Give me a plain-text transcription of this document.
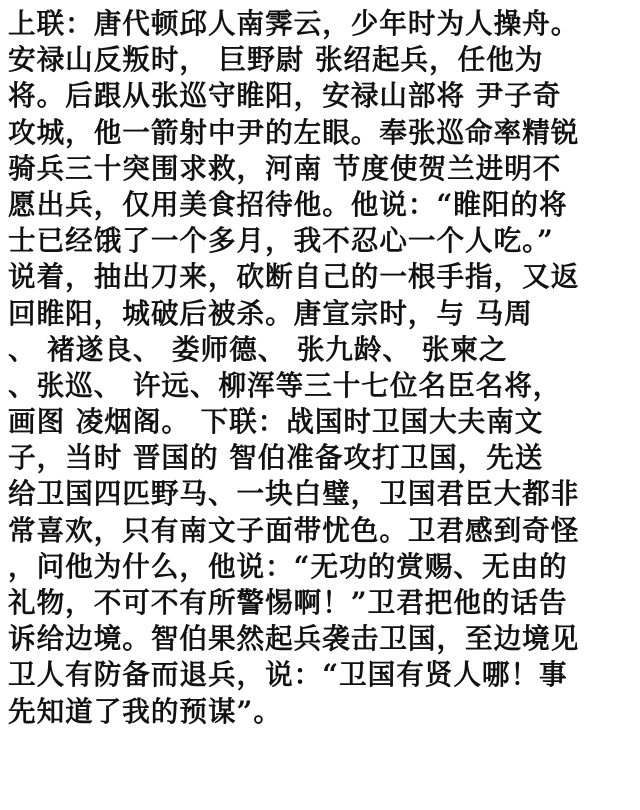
上联：唐代顿邱人南霁云，少年时为人操舟。
安禄山反叛时， 巨野尉 张绍起兵，任他为
将。后跟从张巡守睢阳，安禄山部将 尹子奇
攻城，他一箭射中尹的左眼。奉张巡命率精锐
骑兵三十突围求救，河南 节度使贺兰进明不
愿出兵，仅用美食招待他。他说：“睢阳的将
士已经饿了一个多月，我不忍心一个人吃。”
说着，抽出刀来，砍断自己的一根手指，又返
回睢阳，城破后被杀。唐宣宗时，与 马周
、 褚遂良、 娄师德、 张九龄、 张柬之
、张巡、 许远、柳浑等三十七位名臣名将，
画图 凌烟阁。 下联：战国时卫国大夫南文
子，当时 晋国的 智伯准备攻打卫国，先送
给卫国四匹野马、一块白璧，卫国君臣大都非
常喜欢，只有南文子面带忧色。卫君感到奇怪
，问他为什么，他说：“无功的赏赐、无由的
礼物，不可不有所警惕啊！”卫君把他的话告
诉给边境。智伯果然起兵袭击卫国，至边境见
卫人有防备而退兵，说：“卫国有贤人哪！事
先知道了我的预谋”。
